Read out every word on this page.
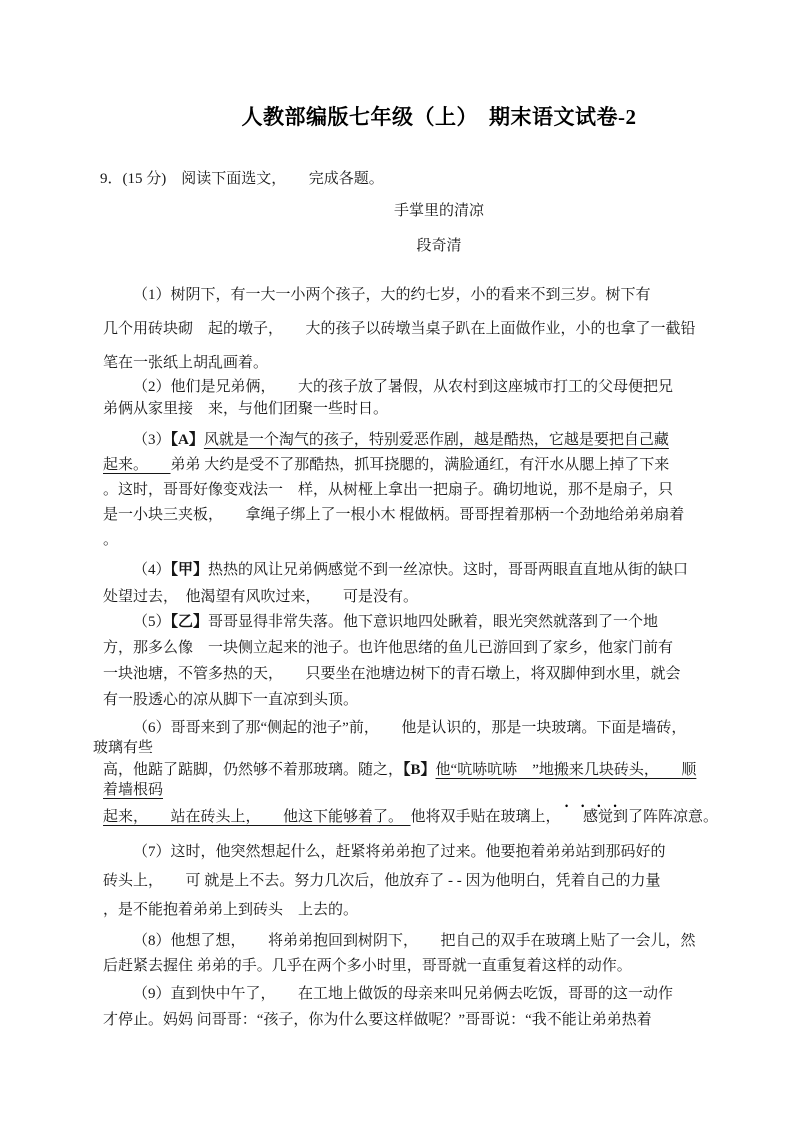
人教部编版七年级（上）　期末语文试卷-2
9．(15 分)　阅读下面选文，　　完成各题。
手掌里的清凉
段奇清
（1）树阴下，有一大一小两个孩子，大的约七岁，小的看来不到三岁。树下有
几个用砖块砌　起的墩子，　　大的孩子以砖墩当桌子趴在上面做作业，小的也拿了一截铅
笔在一张纸上胡乱画着。
（2）他们是兄弟俩，　　大的孩子放了暑假，从农村到这座城市打工的父母便把兄
弟俩从家里接　来，与他们团聚一些时日。
（3）【A】风就是一个淘气的孩子，特别爱恶作剧，越是酷热，它越是要把自己藏
起来。　　弟弟 大约是受不了那酷热，抓耳挠腮的，满脸通红，有汗水从腮上掉了下来
。这时，哥哥好像变戏法一　样，从树桠上拿出一把扇子。确切地说，那不是扇子，只
是一小块三夹板，　　拿绳子绑上了一根小木 棍做柄。哥哥捏着那柄一个劲地给弟弟扇着
。
（4）【甲】热热的风让兄弟俩感觉不到一丝凉快。这时，哥哥两眼直直地从街的缺口
处望过去，　他渴望有风吹过来，　　可是没有。
（5）【乙】哥哥显得非常失落。他下意识地四处瞅着，眼光突然就落到了一个地
方，那多么像　一块侧立起来的池子。也许他思绪的鱼儿已游回到了家乡，他家门前有
一块池塘，不管多热的天，　　只要坐在池塘边树下的青石墩上，将双脚伸到水里，就会
有一股透心的凉从脚下一直凉到头顶。
（6）哥哥来到了那“侧起的池子”前，　　他是认识的，那是一块玻璃。下面是墙砖，
玻璃有些
高，他踮了踮脚，仍然够不着那玻璃。随之，【B】他“吭哧吭哧　”地搬来几块砖头，　　顺
着墙根码
起来，　　站在砖头上，　　他这下能够着了。　他将双手贴在玻璃上，　　感觉到了阵阵凉意。
••••
（7）这时，他突然想起什么，赶紧将弟弟抱了过来。他要抱着弟弟站到那码好的
砖头上，　　可 就是上不去。努力几次后，他放弃了 - - 因为他明白，凭着自己的力量
，是不能抱着弟弟上到砖头　上去的。
（8）他想了想，　　将弟弟抱回到树阴下，　　把自己的双手在玻璃上贴了一会儿，然
后赶紧去握住 弟弟的手。几乎在两个多小时里，哥哥就一直重复着这样的动作。
（9）直到快中午了，　　在工地上做饭的母亲来叫兄弟俩去吃饭，哥哥的这一动作
才停止。妈妈 问哥哥：“孩子，你为什么要这样做呢？”哥哥说：“我不能让弟弟热着
